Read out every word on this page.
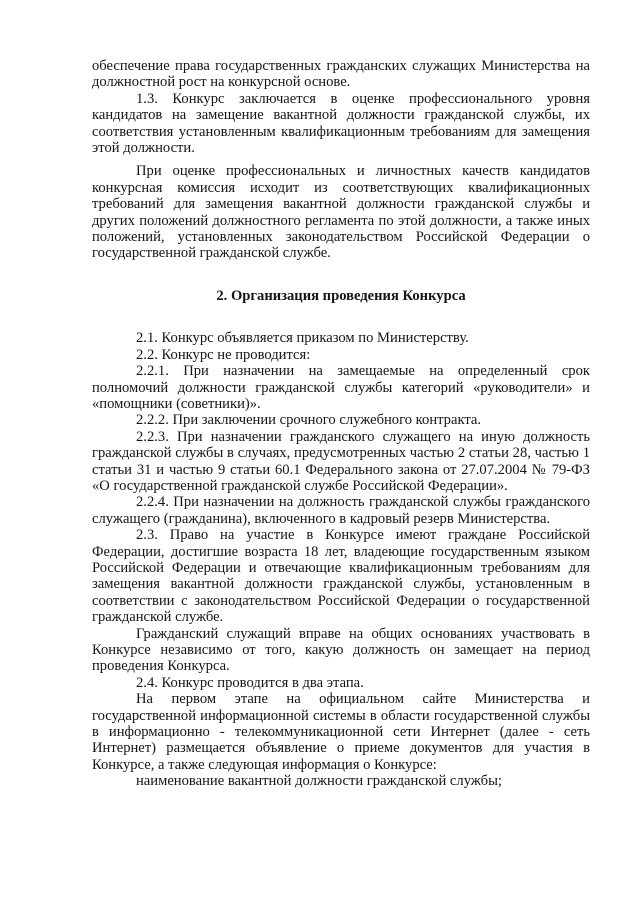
обеспечение права государственных гражданских служащих Министерства на должностной рост на конкурсной основе.

1.3. Конкурс заключается в оценке профессионального уровня кандидатов на замещение вакантной должности гражданской службы, их соответствия установленным квалификационным требованиям для замещения этой должности.

При оценке профессиональных и личностных качеств кандидатов конкурсная комиссия исходит из соответствующих квалификационных требований для замещения вакантной должности гражданской службы и других положений должностного регламента по этой должности, а также иных положений, установленных законодательством Российской Федерации о государственной гражданской службе.

2. Организация проведения Конкурса

2.1. Конкурс объявляется приказом по Министерству.

2.2. Конкурс не проводится:

2.2.1. При назначении на замещаемые на определенный срок полномочий должности гражданской службы категорий «руководители» и «помощники (советники)».

2.2.2. При заключении срочного служебного контракта.

2.2.3. При назначении гражданского служащего на иную должность гражданской службы в случаях, предусмотренных частью 2 статьи 28, частью 1 статьи 31 и частью 9 статьи 60.1 Федерального закона от 27.07.2004 № 79-ФЗ «О государственной гражданской службе Российской Федерации».

2.2.4. При назначении на должность гражданской службы гражданского служащего (гражданина), включенного в кадровый резерв Министерства.

2.3. Право на участие в Конкурсе имеют граждане Российской Федерации, достигшие возраста 18 лет, владеющие государственным языком Российской Федерации и отвечающие квалификационным требованиям для замещения вакантной должности гражданской службы, установленным в соответствии с законодательством Российской Федерации о государственной гражданской службе.

Гражданский служащий вправе на общих основаниях участвовать в Конкурсе независимо от того, какую должность он замещает на период проведения Конкурса.

2.4. Конкурс проводится в два этапа.

На первом этапе на официальном сайте Министерства и государственной информационной системы в области государственной службы в информационно - телекоммуникационной сети Интернет (далее - сеть Интернет) размещается объявление о приеме документов для участия в Конкурсе, а также следующая информация о Конкурсе:

наименование вакантной должности гражданской службы;
